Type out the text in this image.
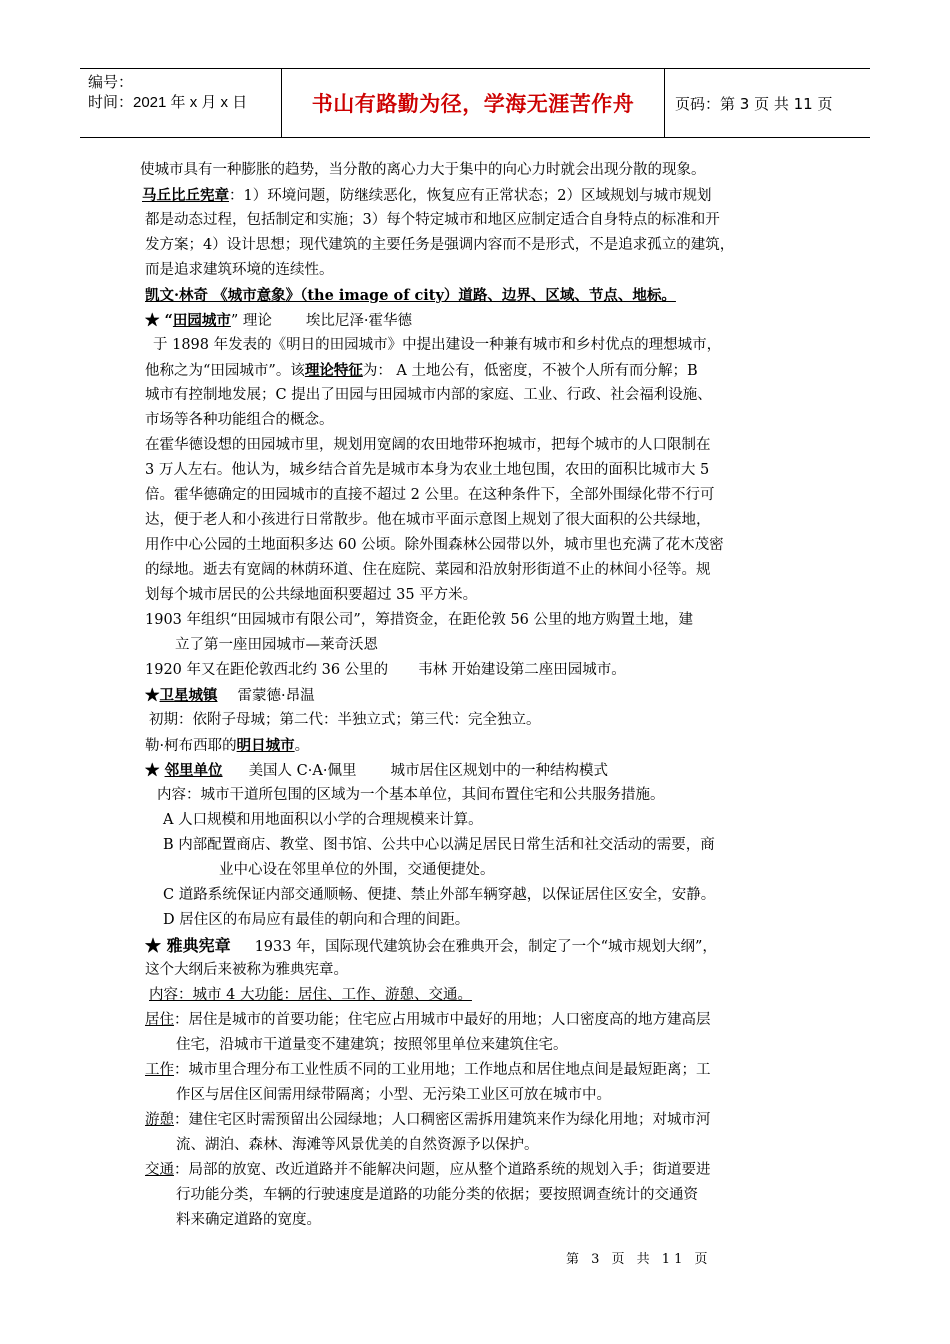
编号：
时间：2021 年 x 月 x 日	书山有路勤为径，学海无涯苦作舟	页码：第 3 页 共 11 页
使城市具有一种膨胀的趋势，当分散的离心力大于集中的向心力时就会出现分散的现象。
马丘比丘宪章：1）环境问题，防继续恶化，恢复应有正常状态；2）区域规划与城市规划
都是动态过程，包括制定和实施；3）每个特定城市和地区应制定适合自身特点的标准和开
发方案；4）设计思想；现代建筑的主要任务是强调内容而不是形式，不是追求孤立的建筑，
而是追求建筑环境的连续性。
凯文·林奇 《城市意象》（the image of city）道路、边界、区域、节点、地标。
★ “田园城市” 理论 埃比尼泽·霍华德
于 1898 年发表的《明日的田园城市》中提出建设一种兼有城市和乡村优点的理想城市，
他称之为“田园城市”。该理论特征为： A 土地公有，低密度，不被个人所有而分解；B
城市有控制地发展；C 提出了田园与田园城市内部的家庭、工业、行政、社会福利设施、
市场等各种功能组合的概念。
在霍华德设想的田园城市里，规划用宽阔的农田地带环抱城市，把每个城市的人口限制在
3 万人左右。他认为，城乡结合首先是城市本身为农业土地包围，农田的面积比城市大 5
倍。霍华德确定的田园城市的直接不超过 2 公里。在这种条件下，全部外围绿化带不行可
达，便于老人和小孩进行日常散步。他在城市平面示意图上规划了很大面积的公共绿地，
用作中心公园的土地面积多达 60 公顷。除外围森林公园带以外，城市里也充满了花木茂密
的绿地。逝去有宽阔的林荫环道、住在庭院、菜园和沿放射形街道不止的林间小径等。规
划每个城市居民的公共绿地面积要超过 35 平方米。
1903 年组织“田园城市有限公司”，筹措资金，在距伦敦 56 公里的地方购置土地，建
立了第一座田园城市—莱奇沃恩
1920 年又在距伦敦西北约 36 公里的 韦林 开始建设第二座田园城市。
★卫星城镇 雷蒙德·昂温
初期：依附子母城；第二代：半独立式；第三代：完全独立。
勒·柯布西耶的明日城市。
★ 邻里单位 美国人 C·A·佩里 城市居住区规划中的一种结构模式
内容：城市干道所包围的区域为一个基本单位，其间布置住宅和公共服务措施。
A 人口规模和用地面积以小学的合理规模来计算。
B 内部配置商店、教堂、图书馆、公共中心以满足居民日常生活和社交活动的需要，商
业中心设在邻里单位的外围，交通便捷处。
C 道路系统保证内部交通顺畅、便捷、禁止外部车辆穿越，以保证居住区安全，安静。
D 居住区的布局应有最佳的朝向和合理的间距。
★ 雅典宪章 1933 年，国际现代建筑协会在雅典开会，制定了一个“城市规划大纲”，
这个大纲后来被称为雅典宪章。
内容：城市 4 大功能：居住、工作、游憩、交通。
居住：居住是城市的首要功能；住宅应占用城市中最好的用地；人口密度高的地方建高层
住宅，沿城市干道量变不建建筑；按照邻里单位来建筑住宅。
工作：城市里合理分布工业性质不同的工业用地；工作地点和居住地点间是最短距离；工
作区与居住区间需用绿带隔离；小型、无污染工业区可放在城市中。
游憩：建住宅区时需预留出公园绿地；人口稠密区需拆用建筑来作为绿化用地；对城市河
流、湖泊、森林、海滩等风景优美的自然资源予以保护。
交通：局部的放宽、改近道路并不能解决问题，应从整个道路系统的规划入手；街道要进
行功能分类，车辆的行驶速度是道路的功能分类的依据；要按照调查统计的交通资
料来确定道路的宽度。
第 3 页 共 11 页
